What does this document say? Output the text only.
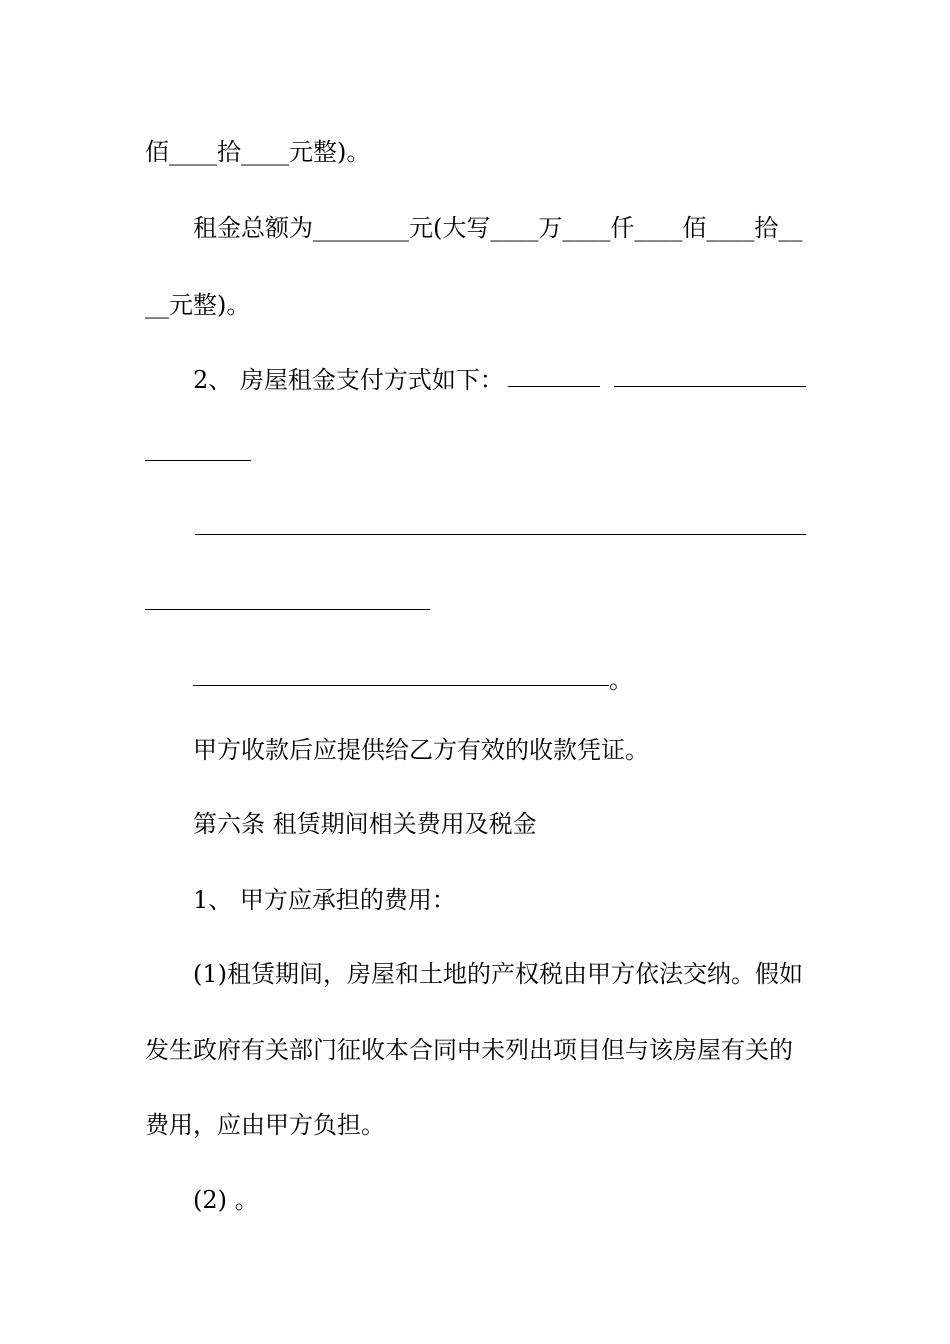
佰____拾____元整)。
租金总额为________元(大写____万____仟____佰____拾__
__元整)。
2、 房屋租金支付方式如下：
。
甲方收款后应提供给乙方有效的收款凭证。
第六条 租赁期间相关费用及税金
1、 甲方应承担的费用：
(1)租赁期间，房屋和土地的产权税由甲方依法交纳。假如
发生政府有关部门征收本合同中未列出项目但与该房屋有关的
费用，应由甲方负担。
(2) 。
